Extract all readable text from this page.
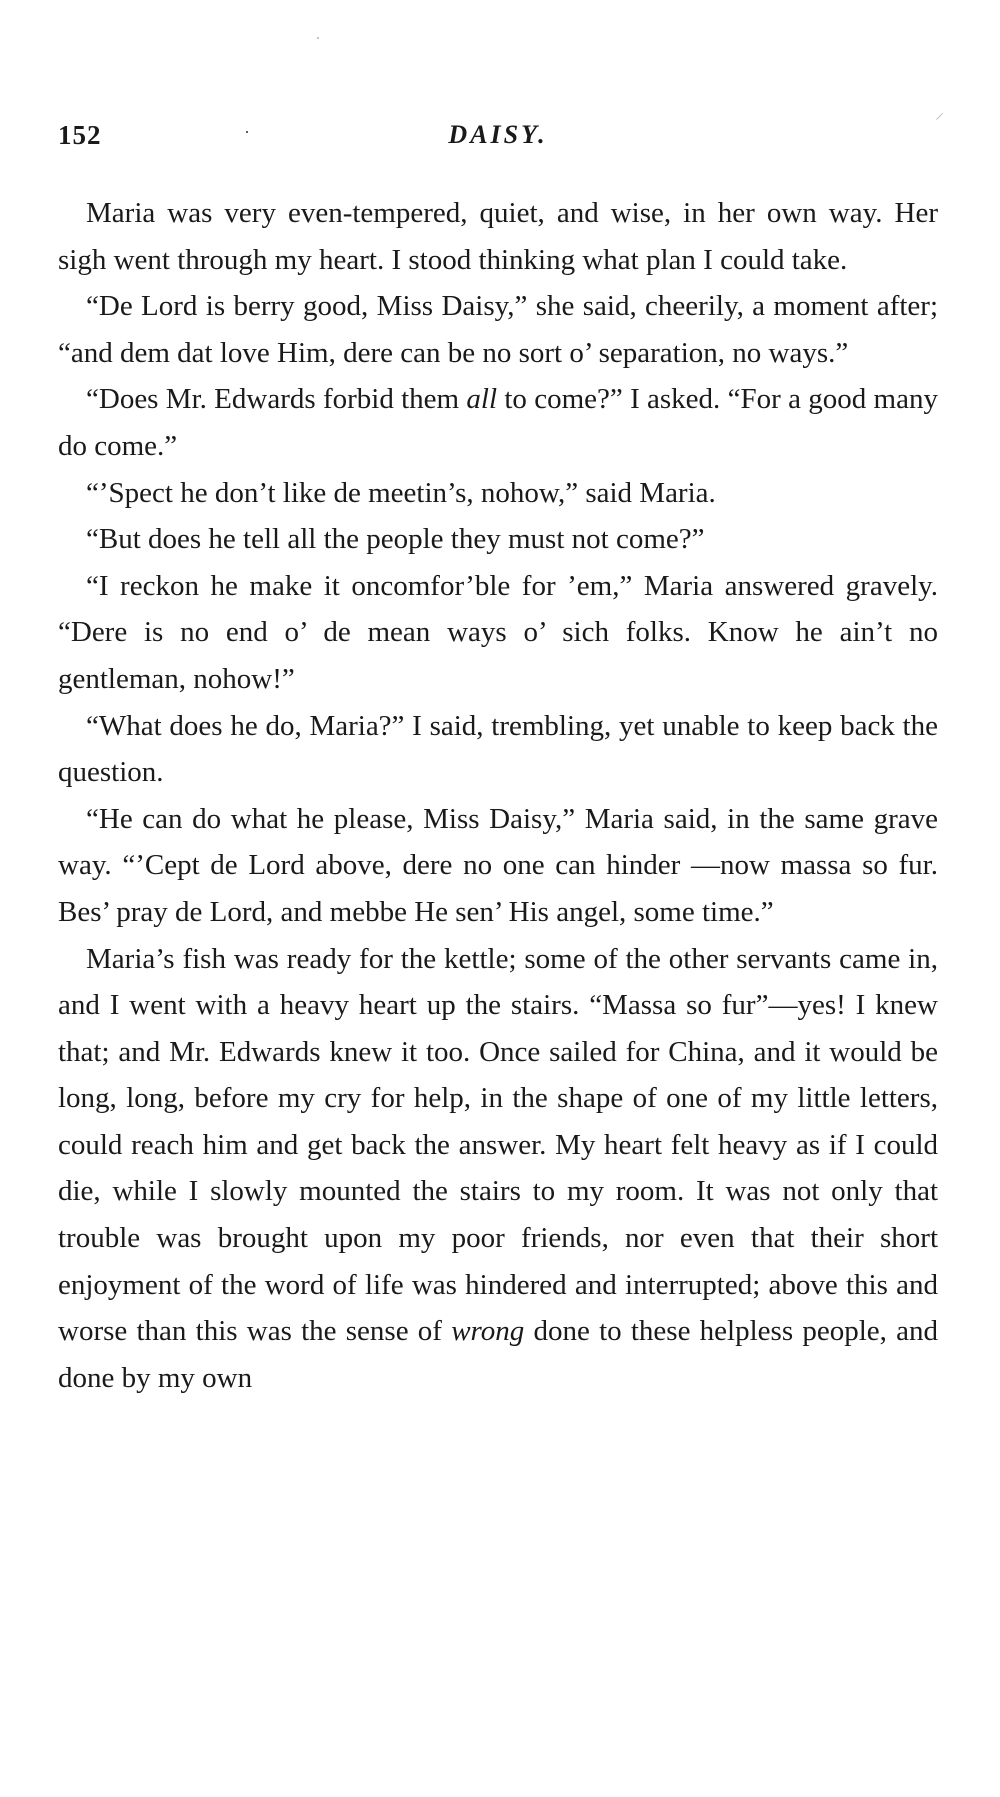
·
⸍
·
152	DAISY.

Maria was very even-tempered, quiet, and wise, in her own way. Her sigh went through my heart. I stood thinking what plan I could take.

“De Lord is berry good, Miss Daisy,” she said, cheerily, a moment after; “and dem dat love Him, dere can be no sort o’ separation, no ways.”

“Does Mr. Edwards forbid them all to come?” I asked. “For a good many do come.”

“’Spect he don’t like de meetin’s, nohow,” said Maria.

“But does he tell all the people they must not come?”

“I reckon he make it oncomfor’ble for ’em,” Maria answered gravely. “Dere is no end o’ de mean ways o’ sich folks. Know he ain’t no gentleman, nohow!”

“What does he do, Maria?” I said, trembling, yet unable to keep back the question.

“He can do what he please, Miss Daisy,” Maria said, in the same grave way. “’Cept de Lord above, dere no one can hinder —now massa so fur. Bes’ pray de Lord, and mebbe He sen’ His angel, some time.”

Maria’s fish was ready for the kettle; some of the other servants came in, and I went with a heavy heart up the stairs. “Massa so fur”—yes! I knew that; and Mr. Edwards knew it too. Once sailed for China, and it would be long, long, before my cry for help, in the shape of one of my little letters, could reach him and get back the answer. My heart felt heavy as if I could die, while I slowly mounted the stairs to my room. It was not only that trouble was brought upon my poor friends, nor even that their short enjoyment of the word of life was hindered and interrupted; above this and worse than this was the sense of wrong done to these helpless people, and done by my own
